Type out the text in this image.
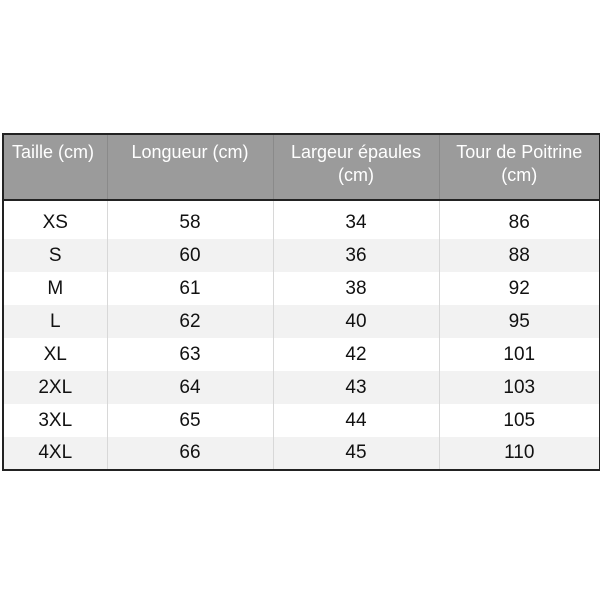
Taille (cm)	Longueur (cm)	Largeur épaules (cm)	Tour de Poitrine (cm)
XS	58	34	86
S	60	36	88
M	61	38	92
L	62	40	95
XL	63	42	101
2XL	64	43	103
3XL	65	44	105
4XL	66	45	110
